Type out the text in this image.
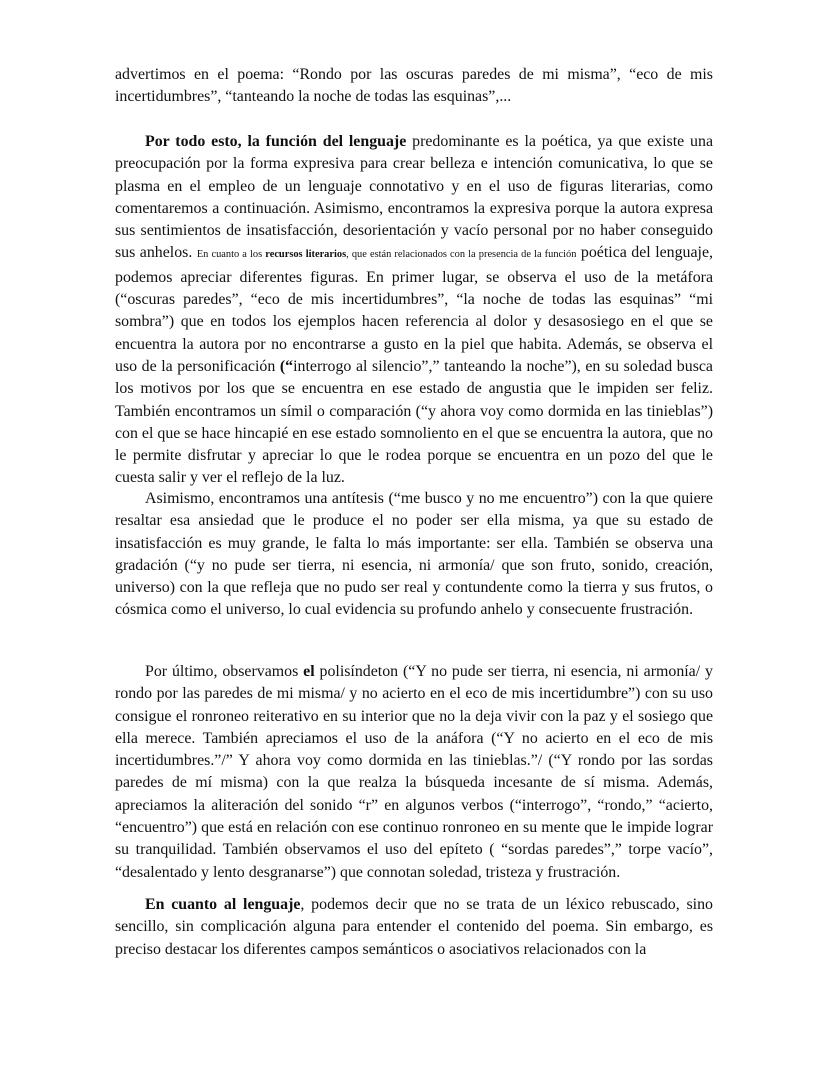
advertimos en el poema: “Rondo por las oscuras paredes de mi misma”, “eco de mis incertidumbres”, “tanteando la noche de todas las esquinas”,...

Por todo esto, la función del lenguaje predominante es la poética, ya que existe una preocupación por la forma expresiva para crear belleza e intención comunicativa, lo que se plasma en el empleo de un lenguaje connotativo y en el uso de figuras literarias, como comentaremos a continuación. Asimismo, encontramos la expresiva porque la autora expresa sus sentimientos de insatisfacción, desorientación y vacío personal por no haber conseguido sus anhelos. En cuanto a los recursos literarios, que están relacionados con la presencia de la función poética del lenguaje, podemos apreciar diferentes figuras. En primer lugar, se observa el uso de la metáfora (“oscuras paredes”, “eco de mis incertidumbres”, “la noche de todas las esquinas” “mi sombra”) que en todos los ejemplos hacen referencia al dolor y desasosiego en el que se encuentra la autora por no encontrarse a gusto en la piel que habita. Además, se observa el uso de la personificación (“interrogo al silencio”,” tanteando la noche”), en su soledad busca los motivos por los que se encuentra en ese estado de angustia que le impiden ser feliz. También encontramos un símil o comparación (“y ahora voy como dormida en las tinieblas”) con el que se hace hincapié en ese estado somnoliento en el que se encuentra la autora, que no le permite disfrutar y apreciar lo que le rodea porque se encuentra en un pozo del que le cuesta salir y ver el reflejo de la luz.

Asimismo, encontramos una antítesis (“me busco y no me encuentro”) con la que quiere resaltar esa ansiedad que le produce el no poder ser ella misma, ya que su estado de insatisfacción es muy grande, le falta lo más importante: ser ella. También se observa una gradación (“y no pude ser tierra, ni esencia, ni armonía/ que son fruto, sonido, creación, universo) con la que refleja que no pudo ser real y contundente como la tierra y sus frutos, o cósmica como el universo, lo cual evidencia su profundo anhelo y consecuente frustración.

Por último, observamos el polisíndeton (“Y no pude ser tierra, ni esencia, ni armonía/ y rondo por las paredes de mi misma/ y no acierto en el eco de mis incertidumbre”) con su uso consigue el ronroneo reiterativo en su interior que no la deja vivir con la paz y el sosiego que ella merece. También apreciamos el uso de la anáfora (“Y no acierto en el eco de mis incertidumbres.”/” Y ahora voy como dormida en las tinieblas.”/ (“Y rondo por las sordas paredes de mí misma) con la que realza la búsqueda incesante de sí misma. Además, apreciamos la aliteración del sonido “r” en algunos verbos (“interrogo”, “rondo,” “acierto, “encuentro”) que está en relación con ese continuo ronroneo en su mente que le impide lograr su tranquilidad. También observamos el uso del epíteto ( “sordas paredes”,” torpe vacío”, “desalentado y lento desgranarse”) que connotan soledad, tristeza y frustración.

En cuanto al lenguaje, podemos decir que no se trata de un léxico rebuscado, sino sencillo, sin complicación alguna para entender el contenido del poema. Sin embargo, es preciso destacar los diferentes campos semánticos o asociativos relacionados con la
